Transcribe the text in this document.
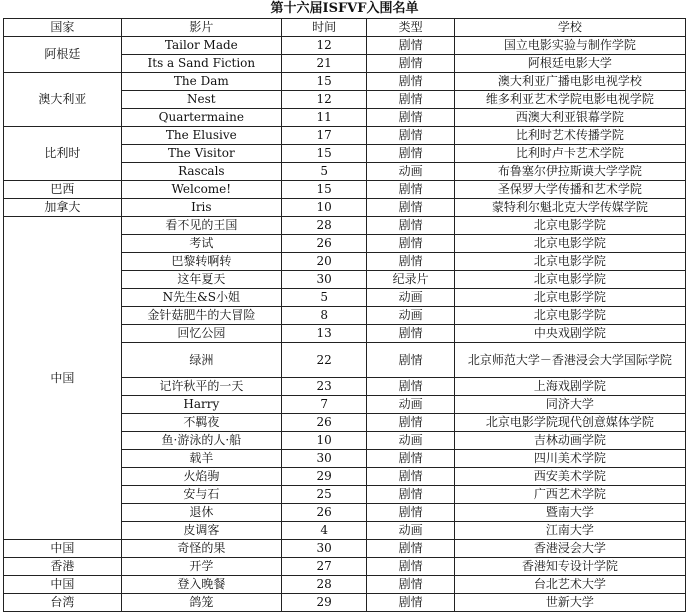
第十六届ISFVF入围名单
国家	影片	时间	类型	学校
阿根廷	Tailor Made	12	剧情	国立电影实验与制作学院
	Its a Sand Fiction	21	剧情	阿根廷电影大学
澳大利亚	The Dam	15	剧情	澳大利亚广播电影电视学校
	Nest	12	剧情	维多利亚艺术学院电影电视学院
	Quartermaine	11	剧情	西澳大利亚银幕学院
比利时	The Elusive	17	剧情	比利时艺术传播学院
	The Visitor	15	剧情	比利时卢卡艺术学院
	Rascals	5	动画	布鲁塞尔伊拉斯谟大学学院
巴西	Welcome!	15	剧情	圣保罗大学传播和艺术学院
加拿大	Iris	10	剧情	蒙特利尔魁北克大学传媒学院
中国	看不见的王国	28	剧情	北京电影学院
	考试	26	剧情	北京电影学院
	巴黎转啊转	20	剧情	北京电影学院
	这年夏天	30	纪录片	北京电影学院
	N先生&S小姐	5	动画	北京电影学院
	金针菇肥牛的大冒险	8	动画	北京电影学院
	回忆公园	13	剧情	中央戏剧学院
	绿洲	22	剧情	北京师范大学－香港浸会大学国际学院
	记许秋平的一天	23	剧情	上海戏剧学院
	Harry	7	动画	同济大学
	不羁夜	26	剧情	北京电影学院现代创意媒体学院
	鱼·游泳的人·船	10	动画	吉林动画学院
	载羊	30	剧情	四川美术学院
	火焰驹	29	剧情	西安美术学院
	安与石	25	剧情	广西艺术学院
	退休	26	剧情	暨南大学
	皮调客	4	动画	江南大学
中国	奇怪的果	30	剧情	香港浸会大学
香港	开学	27	剧情	香港知专设计学院
中国	登入晚餐	28	剧情	台北艺术大学
台湾	鸽笼	29	剧情	世新大学
